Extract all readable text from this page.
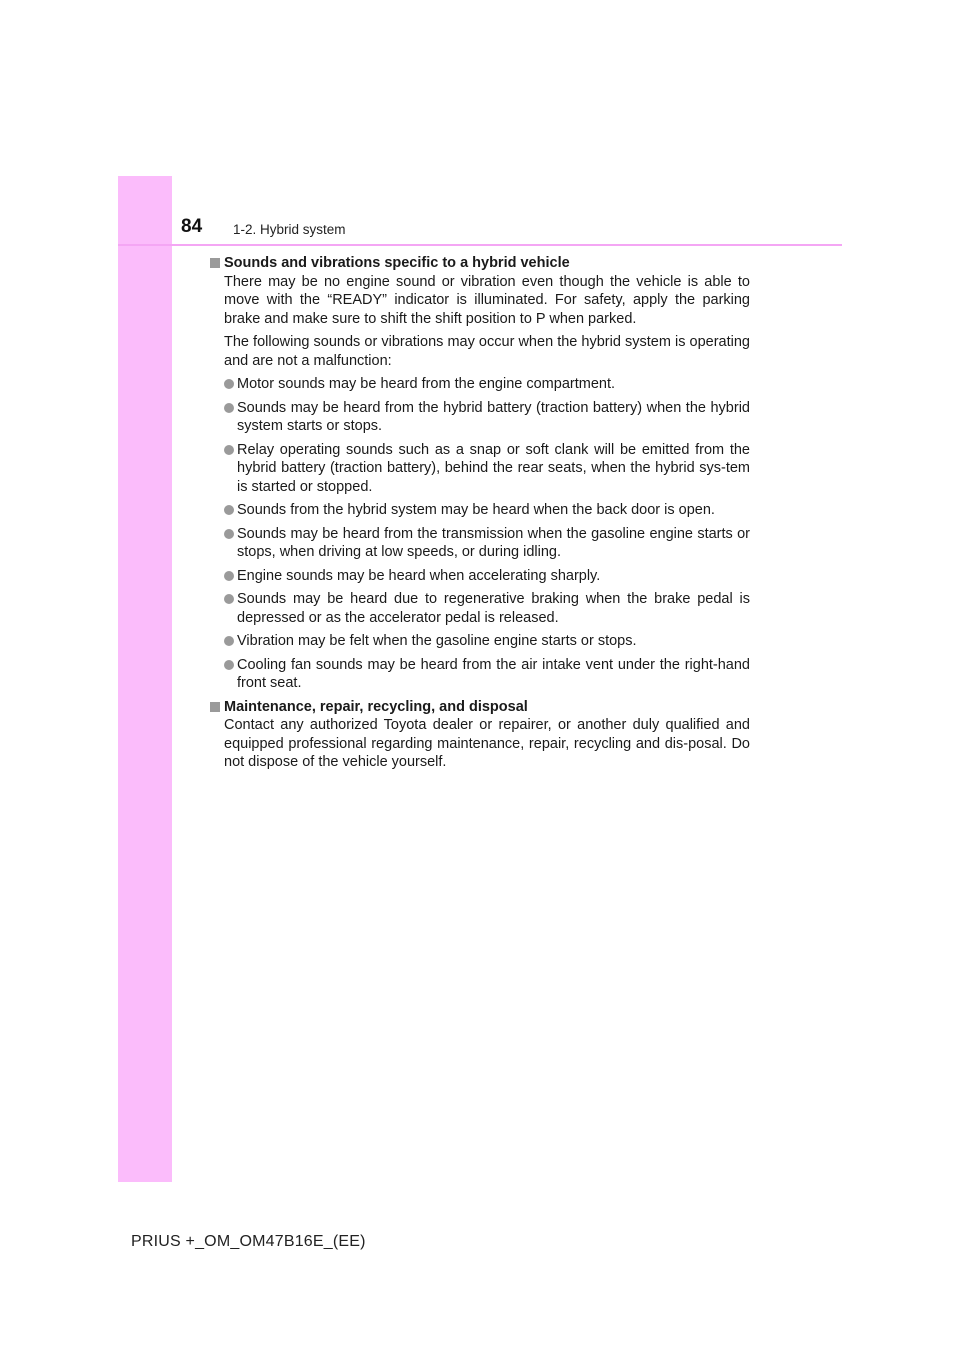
84 1-2. Hybrid system

Sounds and vibrations specific to a hybrid vehicle

There may be no engine sound or vibration even though the vehicle is able to move with the “READY” indicator is illuminated. For safety, apply the parking brake and make sure to shift the shift position to P when parked.

The following sounds or vibrations may occur when the hybrid system is operating and are not a malfunction:

Motor sounds may be heard from the engine compartment.
Sounds may be heard from the hybrid battery (traction battery) when the hybrid system starts or stops.
Relay operating sounds such as a snap or soft clank will be emitted from the hybrid battery (traction battery), behind the rear seats, when the hybrid sys-tem is started or stopped.
Sounds from the hybrid system may be heard when the back door is open.
Sounds may be heard from the transmission when the gasoline engine starts or stops, when driving at low speeds, or during idling.
Engine sounds may be heard when accelerating sharply.
Sounds may be heard due to regenerative braking when the brake pedal is depressed or as the accelerator pedal is released.
Vibration may be felt when the gasoline engine starts or stops.
Cooling fan sounds may be heard from the air intake vent under the right-hand front seat.

Maintenance, repair, recycling, and disposal

Contact any authorized Toyota dealer or repairer, or another duly qualified and equipped professional regarding maintenance, repair, recycling and dis-posal. Do not dispose of the vehicle yourself.

PRIUS +_OM_OM47B16E_(EE)
